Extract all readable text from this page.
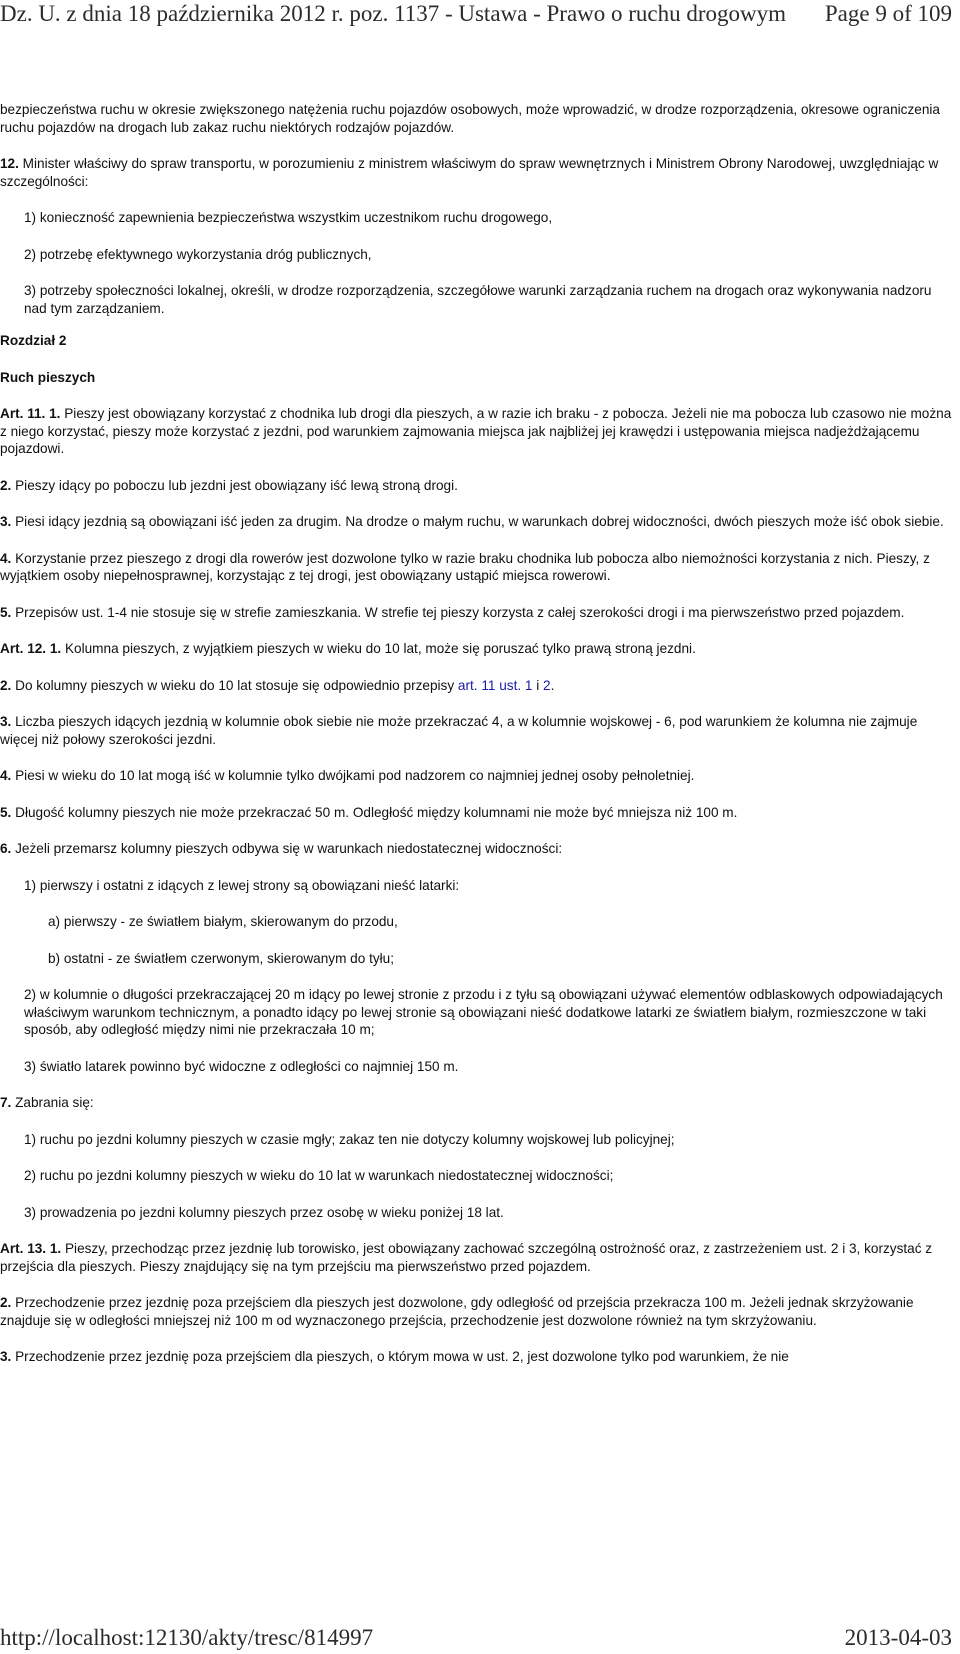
Dz. U. z dnia 18 października 2012 r. poz. 1137 - Ustawa - Prawo o ruchu drogowym Page 9 of 109

bezpieczeństwa ruchu w okresie zwiększonego natężenia ruchu pojazdów osobowych, może wprowadzić, w drodze rozporządzenia, okresowe ograniczenia ruchu pojazdów na drogach lub zakaz ruchu niektórych rodzajów pojazdów.

12. Minister właściwy do spraw transportu, w porozumieniu z ministrem właściwym do spraw wewnętrznych i Ministrem Obrony Narodowej, uwzględniając w szczególności:

1) konieczność zapewnienia bezpieczeństwa wszystkim uczestnikom ruchu drogowego,

2) potrzebę efektywnego wykorzystania dróg publicznych,

3) potrzeby społeczności lokalnej, określi, w drodze rozporządzenia, szczegółowe warunki zarządzania ruchem na drogach oraz wykonywania nadzoru nad tym zarządzaniem.

Rozdział 2

Ruch pieszych

Art. 11. 1. Pieszy jest obowiązany korzystać z chodnika lub drogi dla pieszych, a w razie ich braku - z pobocza. Jeżeli nie ma pobocza lub czasowo nie można z niego korzystać, pieszy może korzystać z jezdni, pod warunkiem zajmowania miejsca jak najbliżej jej krawędzi i ustępowania miejsca nadjeżdżającemu pojazdowi.

2. Pieszy idący po poboczu lub jezdni jest obowiązany iść lewą stroną drogi.

3. Piesi idący jezdnią są obowiązani iść jeden za drugim. Na drodze o małym ruchu, w warunkach dobrej widoczności, dwóch pieszych może iść obok siebie.

4. Korzystanie przez pieszego z drogi dla rowerów jest dozwolone tylko w razie braku chodnika lub pobocza albo niemożności korzystania z nich. Pieszy, z wyjątkiem osoby niepełnosprawnej, korzystając z tej drogi, jest obowiązany ustąpić miejsca rowerowi.

5. Przepisów ust. 1-4 nie stosuje się w strefie zamieszkania. W strefie tej pieszy korzysta z całej szerokości drogi i ma pierwszeństwo przed pojazdem.

Art. 12. 1. Kolumna pieszych, z wyjątkiem pieszych w wieku do 10 lat, może się poruszać tylko prawą stroną jezdni.

2. Do kolumny pieszych w wieku do 10 lat stosuje się odpowiednio przepisy art. 11 ust. 1 i 2.

3. Liczba pieszych idących jezdnią w kolumnie obok siebie nie może przekraczać 4, a w kolumnie wojskowej - 6, pod warunkiem że kolumna nie zajmuje więcej niż połowy szerokości jezdni.

4. Piesi w wieku do 10 lat mogą iść w kolumnie tylko dwójkami pod nadzorem co najmniej jednej osoby pełnoletniej.

5. Długość kolumny pieszych nie może przekraczać 50 m. Odległość między kolumnami nie może być mniejsza niż 100 m.

6. Jeżeli przemarsz kolumny pieszych odbywa się w warunkach niedostatecznej widoczności:

1) pierwszy i ostatni z idących z lewej strony są obowiązani nieść latarki:

a) pierwszy - ze światłem białym, skierowanym do przodu,

b) ostatni - ze światłem czerwonym, skierowanym do tyłu;

2) w kolumnie o długości przekraczającej 20 m idący po lewej stronie z przodu i z tyłu są obowiązani używać elementów odblaskowych odpowiadających właściwym warunkom technicznym, a ponadto idący po lewej stronie są obowiązani nieść dodatkowe latarki ze światłem białym, rozmieszczone w taki sposób, aby odległość między nimi nie przekraczała 10 m;

3) światło latarek powinno być widoczne z odległości co najmniej 150 m.

7. Zabrania się:

1) ruchu po jezdni kolumny pieszych w czasie mgły; zakaz ten nie dotyczy kolumny wojskowej lub policyjnej;

2) ruchu po jezdni kolumny pieszych w wieku do 10 lat w warunkach niedostatecznej widoczności;

3) prowadzenia po jezdni kolumny pieszych przez osobę w wieku poniżej 18 lat.

Art. 13. 1. Pieszy, przechodząc przez jezdnię lub torowisko, jest obowiązany zachować szczególną ostrożność oraz, z zastrzeżeniem ust. 2 i 3, korzystać z przejścia dla pieszych. Pieszy znajdujący się na tym przejściu ma pierwszeństwo przed pojazdem.

2. Przechodzenie przez jezdnię poza przejściem dla pieszych jest dozwolone, gdy odległość od przejścia przekracza 100 m. Jeżeli jednak skrzyżowanie znajduje się w odległości mniejszej niż 100 m od wyznaczonego przejścia, przechodzenie jest dozwolone również na tym skrzyżowaniu.

3. Przechodzenie przez jezdnię poza przejściem dla pieszych, o którym mowa w ust. 2, jest dozwolone tylko pod warunkiem, że nie

http://localhost:12130/akty/tresc/814997	2013-04-03
